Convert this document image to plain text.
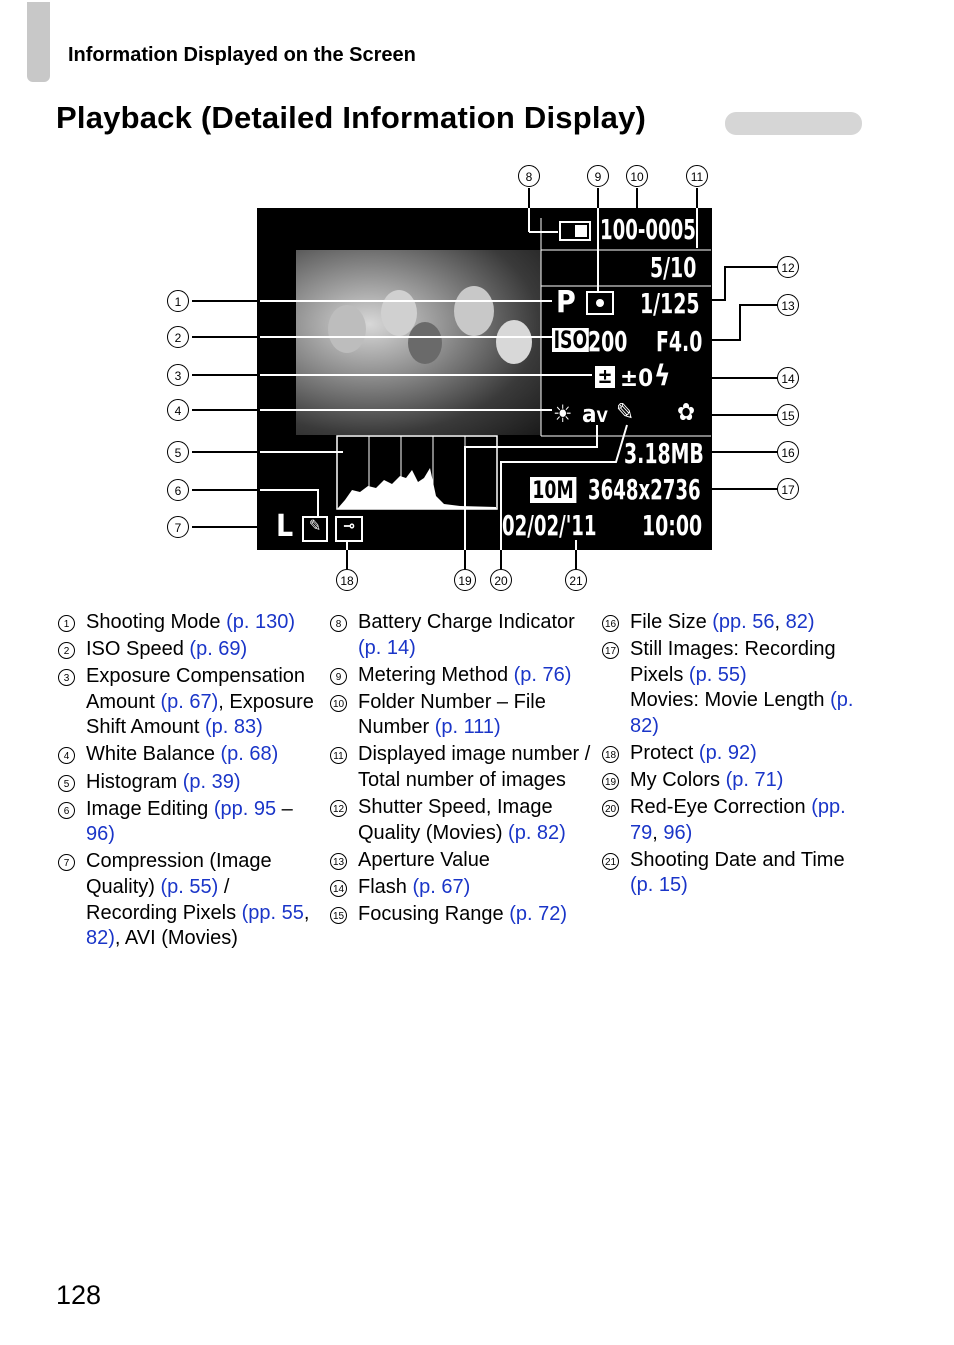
Information Displayed on the Screen
Playback (Detailed Information Display)
100-0005
5/10
P 1/125
ISO 200 F4.0
± ±0 ϟ
☀ aV ✎ ✿
3.18MB
10M 3648x2736
02/02/'11 10:00
L ✎	⊸
1
2
3
4
5
6
7
8	9	10	11
12
13
14
15
16
17
18	19	20	21
1 Shooting Mode (p. 130)
2 ISO Speed (p. 69)
3 Exposure Compensation Amount (p. 67), Exposure Shift Amount (p. 83)
4 White Balance (p. 68)
5 Histogram (p. 39)
6 Image Editing (pp. 95 – 96)
7 Compression (Image Quality) (p. 55) / Recording Pixels (pp. 55, 82), AVI (Movies)
8 Battery Charge Indicator (p. 14)
9 Metering Method (p. 76)
10 Folder Number – File Number (p. 111)
11 Displayed image number / Total number of images
12 Shutter Speed, Image Quality (Movies) (p. 82)
13 Aperture Value
14 Flash (p. 67)
15 Focusing Range (p. 72)
16 File Size (pp. 56, 82)
17 Still Images: Recording Pixels (p. 55)
Movies: Movie Length (p. 82)
18 Protect (p. 92)
19 My Colors (p. 71)
20 Red-Eye Correction (pp. 79, 96)
21 Shooting Date and Time (p. 15)
128
